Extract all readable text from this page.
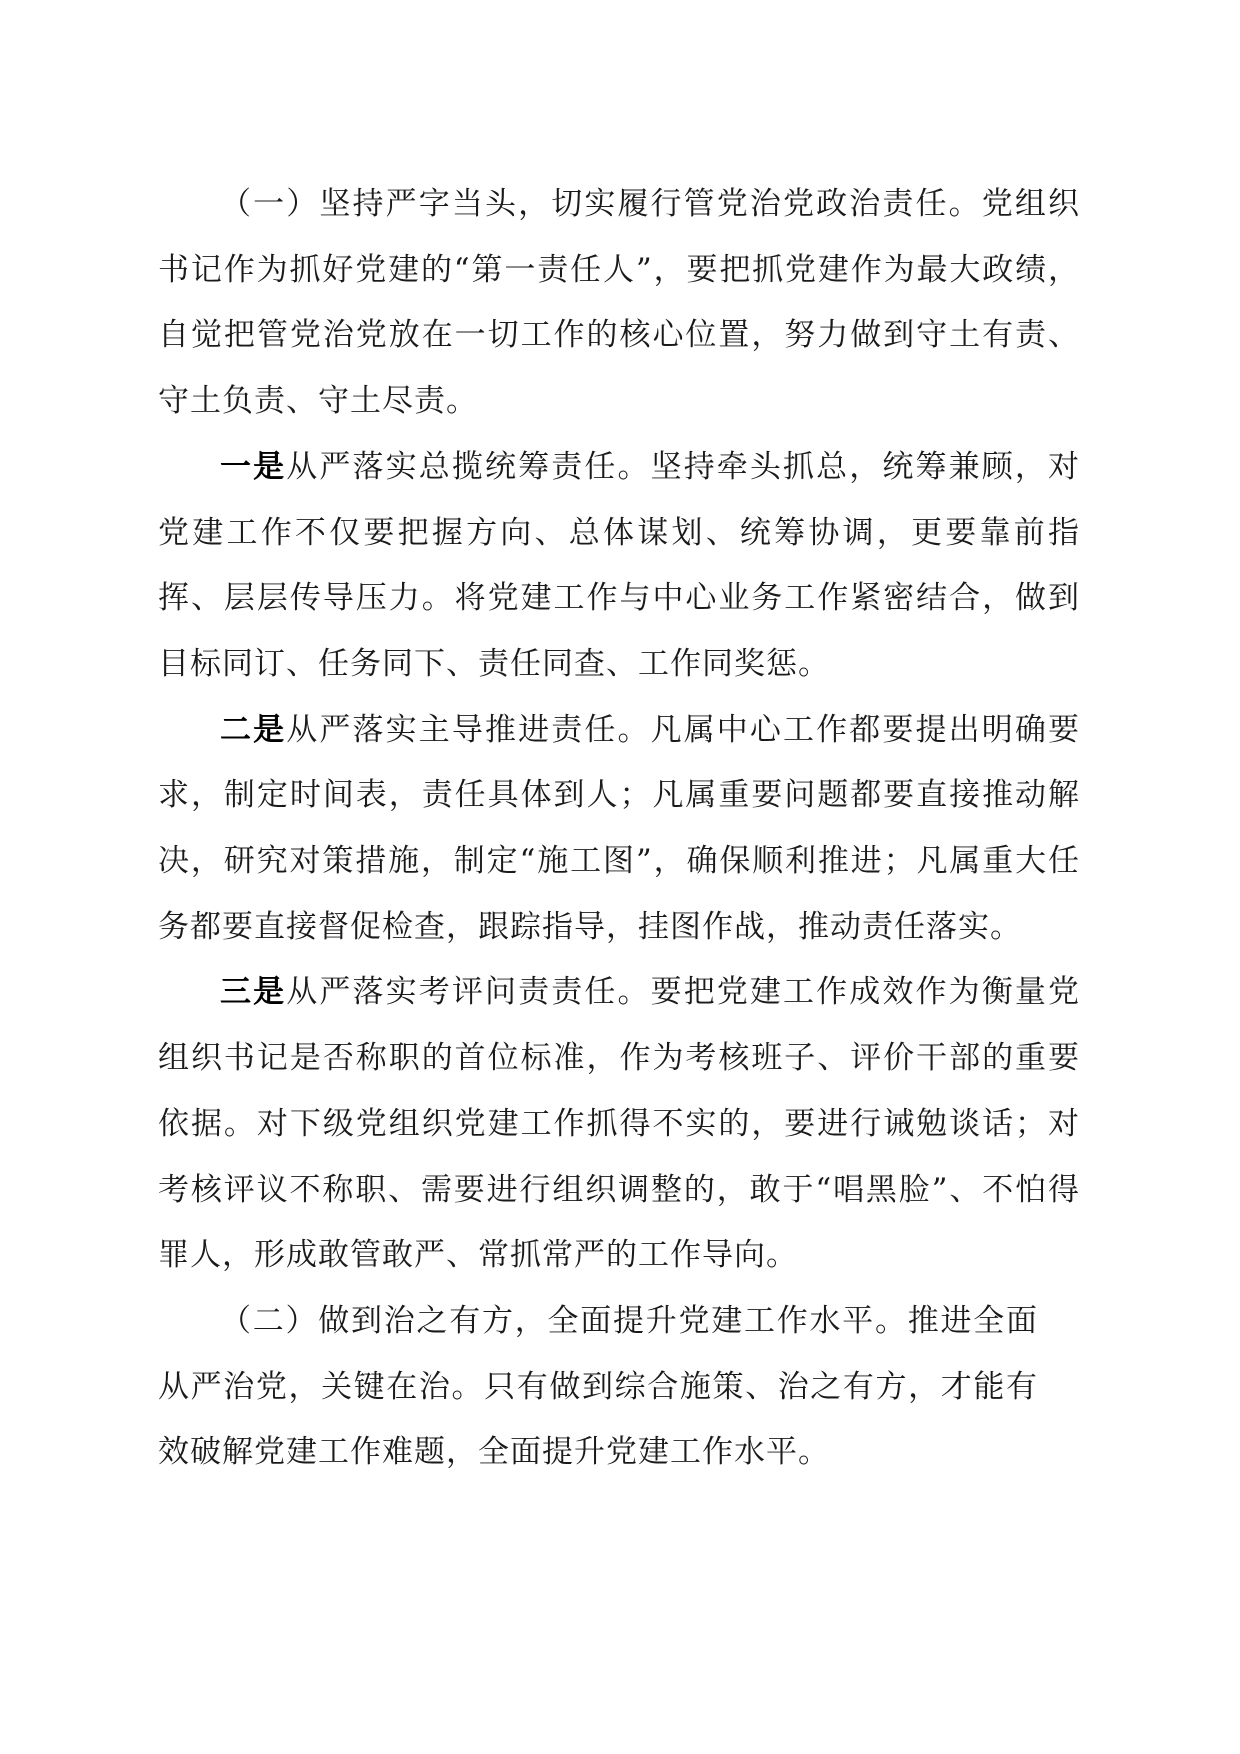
（一）坚持严字当头，切实履行管党治党政治责任。党组织书记作为抓好党建的“第一责任人”，要把抓党建作为最大政绩，自觉把管党治党放在一切工作的核心位置，努力做到守土有责、守土负责、守土尽责。

一是从严落实总揽统筹责任。坚持牵头抓总，统筹兼顾，对党建工作不仅要把握方向、总体谋划、统筹协调，更要靠前指挥、层层传导压力。将党建工作与中心业务工作紧密结合，做到目标同订、任务同下、责任同查、工作同奖惩。

二是从严落实主导推进责任。凡属中心工作都要提出明确要求，制定时间表，责任具体到人；凡属重要问题都要直接推动解决，研究对策措施，制定“施工图”，确保顺利推进；凡属重大任务都要直接督促检查，跟踪指导，挂图作战，推动责任落实。

三是从严落实考评问责责任。要把党建工作成效作为衡量党组织书记是否称职的首位标准，作为考核班子、评价干部的重要依据。对下级党组织党建工作抓得不实的，要进行诫勉谈话；对考核评议不称职、需要进行组织调整的，敢于“唱黑脸”、不怕得罪人，形成敢管敢严、常抓常严的工作导向。

（二）做到治之有方，全面提升党建工作水平。推进全面从严治党，关键在治。只有做到综合施策、治之有方，才能有效破解党建工作难题，全面提升党建工作水平。
